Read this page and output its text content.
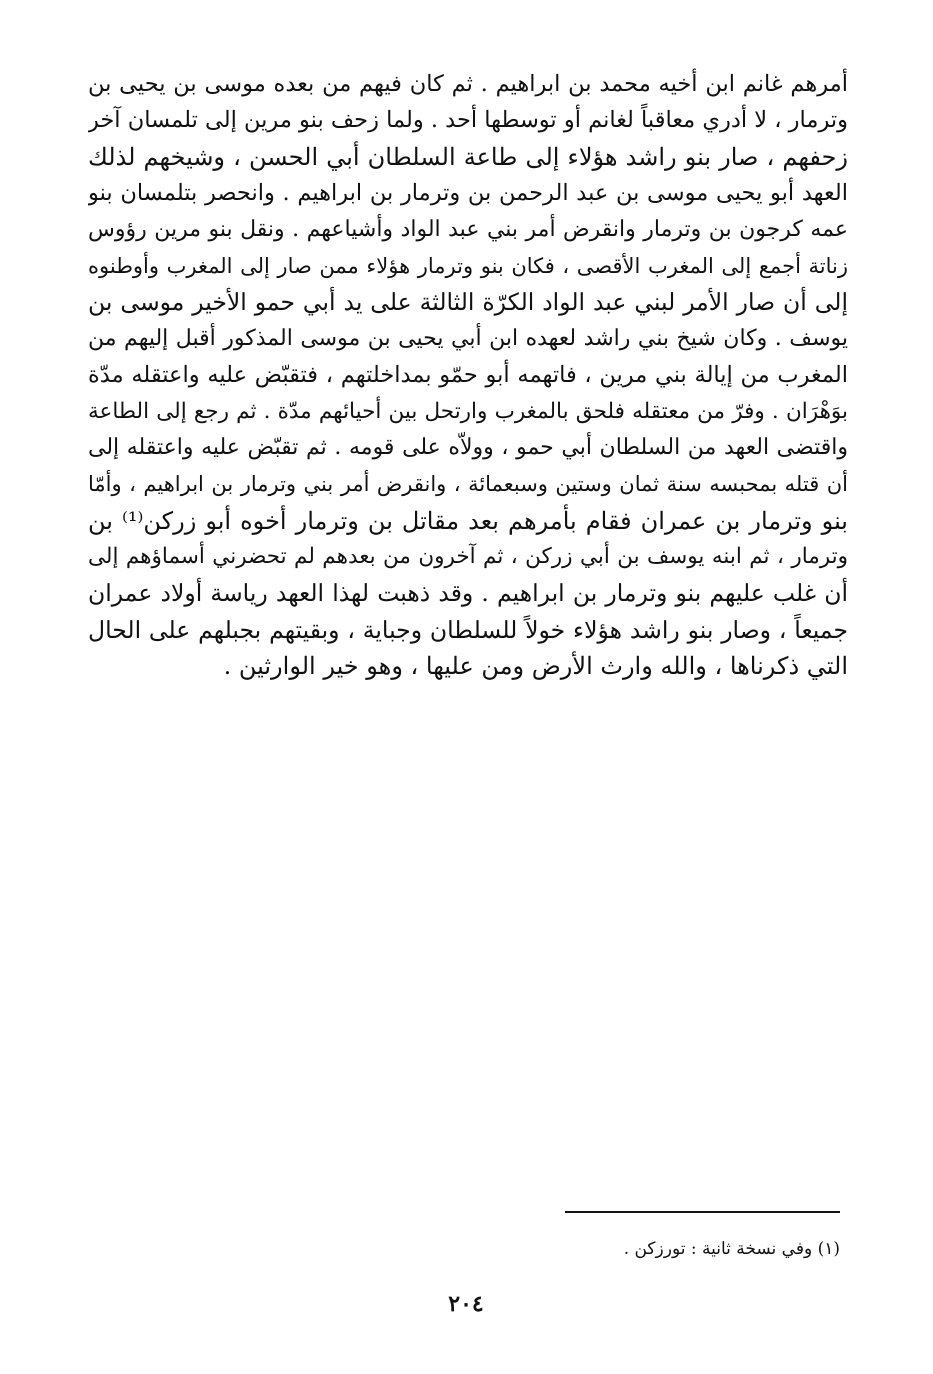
أمرهم غانم ابن أخيه محمد بن ابراهيم . ثم كان فيهم من بعده موسى بن يحيى بن
وترمار ، لا أدري معاقباً لغانم أو توسطها أحد . ولما زحف بنو مرين إلى تلمسان آخر
زحفهم ، صار بنو راشد هؤلاء إلى طاعة السلطان أبي الحسن ، وشيخهم لذلك
العهد أبو يحيى موسى بن عبد الرحمن بن وترمار بن ابراهيم . وانحصر بتلمسان بنو
عمه كرجون بن وترمار وانقرض أمر بني عبد الواد وأشياعهم . ونقل بنو مرين رؤوس
زناتة أجمع إلى المغرب الأقصى ، فكان بنو وترمار هؤلاء ممن صار إلى المغرب وأوطنوه
إلى أن صار الأمر لبني عبد الواد الكرّة الثالثة على يد أبي حمو الأخير موسى بن
يوسف . وكان شيخ بني راشد لعهده ابن أبي يحيى بن موسى المذكور أقبل إليهم من
المغرب من إيالة بني مرين ، فاتهمه أبو حمّو بمداخلتهم ، فتقبّض عليه واعتقله مدّة
بوَهْرَان . وفرّ من معتقله فلحق بالمغرب وارتحل بين أحيائهم مدّة . ثم رجع إلى الطاعة
واقتضى العهد من السلطان أبي حمو ، وولاّه على قومه . ثم تقبّض عليه واعتقله إلى
أن قتله بمحبسه سنة ثمان وستين وسبعمائة ، وانقرض أمر بني وترمار بن ابراهيم ، وأمّا
بنو وترمار بن عمران فقام بأمرهم بعد مقاتل بن وترمار أخوه أبو زركن⁽¹⁾ بن
وترمار ، ثم ابنه يوسف بن أبي زركن ، ثم آخرون من بعدهم لم تحضرني أسماؤهم إلى
أن غلب عليهم بنو وترمار بن ابراهيم . وقد ذهبت لهذا العهد رياسة أولاد عمران
جميعاً ، وصار بنو راشد هؤلاء خولاً للسلطان وجباية ، وبقيتهم بجبلهم على الحال
التي ذكرناها ، والله وارث الأرض ومن عليها ، وهو خير الوارثين .
(١) وفي نسخة ثانية : تورزكن .
٢٠٤
